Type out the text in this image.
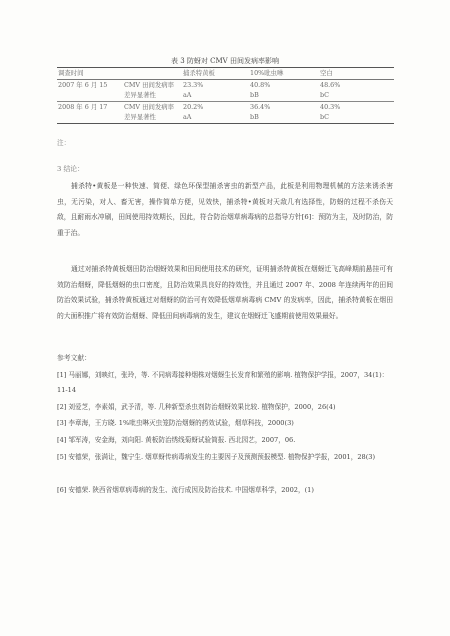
表 3 防蚜对 CMV 田间发病率影响
调查时间		捕杀特黄板	10%吡虫啉	空白
2007 年 6 月 15	CMV 田间发病率	23.3%	40.8%	48.6%
	差异显著性	aA	bB	bC
2008 年 6 月 17	CMV 田间发病率	20.2%	36.4%	40.3%
	差异显著性	aA	bB	bC
注：
3 结论：

捕杀特•黄板是一种快速、简便、绿色环保型捕杀害虫的新型产品，此板是利用物理机械的方法来诱杀害虫，无污染，对人、畜无害，操作简单方便，见效快，捕杀特•黄板对天敌几有选择性，防蚜的过程不杀伤天敌，且耐雨水冲刷，田间使用持效期长，因此，符合防治烟草病毒病的总指导方针[6]：预防为主，及时防治，防重于治。

通过对捕杀特黄板烟田防治烟蚜效果和田间使用技术的研究，证明捕杀特黄板在烟蚜迁飞高峰期前悬挂可有效防治烟蚜，降低烟蚜的虫口密度，且防治效果具良好的持效性，并且通过 2007 年、2008 年连续两年的田间防治效果试验，捕杀特黄板通过对烟蚜的防治可有效降低烟草病毒病 CMV 的发病率，因此，捕杀特黄板在烟田的大面积推广将有效防治烟蚜、降低田间病毒病的发生，建议在烟蚜迁飞盛期前使用效果最好。

参考文献：

[1] 马丽娜，刘映红，张玲，等. 不同病毒接种烟株对烟蚜生长发育和繁殖的影响. 植物保护学报，2007，34(1)：11-14

[2] 刘爱芝，李素娟，武予清，等. 几种新型杀虫剂防治烟蚜效果比较. 植物保护，2000，26(4)

[3] 李章海，王方晓. 1%吡虫啉灭虫笼防治烟蚜的药效试验，烟草科技，2000(3)

[4] 邹军涛，安金海，刘向阳. 黄板防治绣线菊蚜试验简报. 西北园艺，2007，06.

[5] 安德荣，张满让，魏宁生. 烟草蚜传病毒病发生的主要因子及预测预报模型. 植物保护学报，2001，28(3)

[6] 安德荣. 陕西省烟草病毒病的发生、流行成因及防治技术. 中国烟草科学，2002，(1)
